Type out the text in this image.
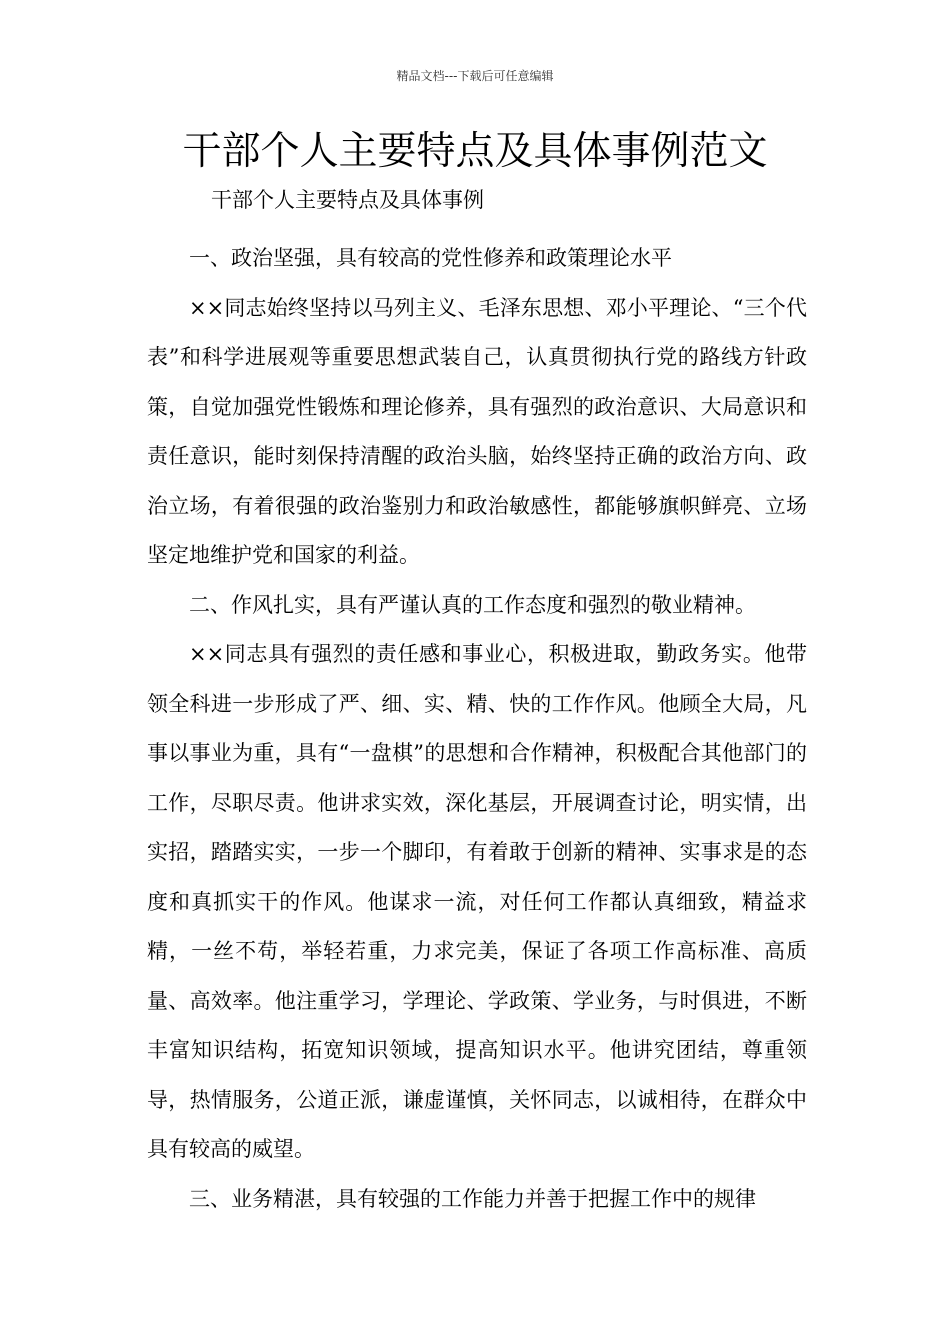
精品文档---下载后可任意编辑
干部个人主要特点及具体事例范文
干部个人主要特点及具体事例

一、政治坚强，具有较高的党性修养和政策理论水平

××同志始终坚持以马列主义、毛泽东思想、邓小平理论、“三个代表”和科学进展观等重要思想武装自己，认真贯彻执行党的路线方针政策，自觉加强党性锻炼和理论修养，具有强烈的政治意识、大局意识和责任意识，能时刻保持清醒的政治头脑，始终坚持正确的政治方向、政治立场，有着很强的政治鉴别力和政治敏感性，都能够旗帜鲜亮、立场坚定地维护党和国家的利益。

二、作风扎实，具有严谨认真的工作态度和强烈的敬业精神。

××同志具有强烈的责任感和事业心，积极进取，勤政务实。他带领全科进一步形成了严、细、实、精、快的工作作风。他顾全大局，凡事以事业为重，具有“一盘棋”的思想和合作精神，积极配合其他部门的工作，尽职尽责。他讲求实效，深化基层，开展调查讨论，明实情，出实招，踏踏实实，一步一个脚印，有着敢于创新的精神、实事求是的态度和真抓实干的作风。他谋求一流，对任何工作都认真细致，精益求精，一丝不苟，举轻若重，力求完美，保证了各项工作高标准、高质量、高效率。他注重学习，学理论、学政策、学业务，与时俱进，不断丰富知识结构，拓宽知识领域，提高知识水平。他讲究团结，尊重领导，热情服务，公道正派，谦虚谨慎，关怀同志，以诚相待，在群众中具有较高的威望。

三、业务精湛，具有较强的工作能力并善于把握工作中的规律
